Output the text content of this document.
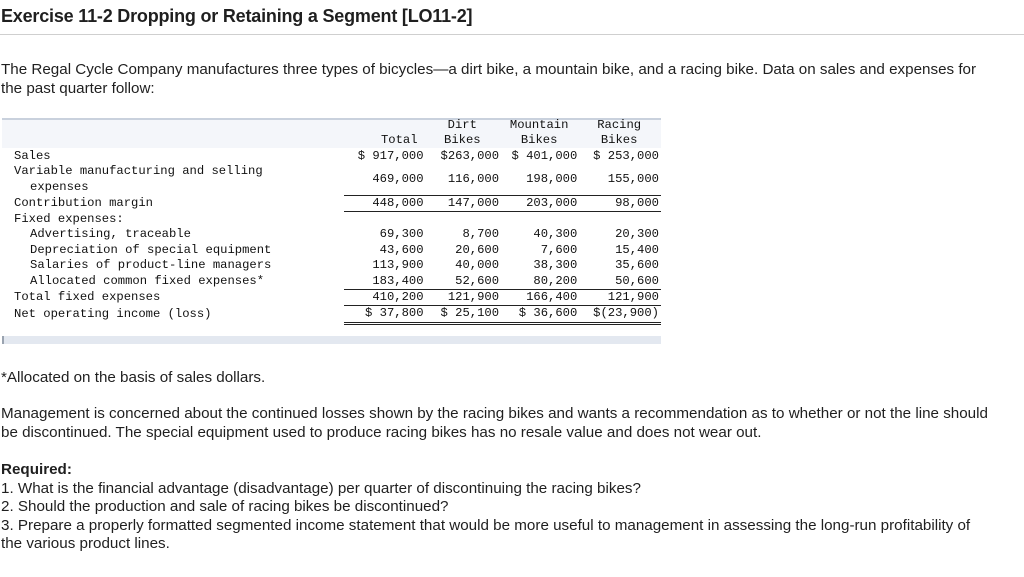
Exercise 11-2 Dropping or Retaining a Segment [LO11-2]

The Regal Cycle Company manufactures three types of bicycles—a dirt bike, a mountain bike, and a racing bike. Data on sales and expenses for the past quarter follow:

		Dirt	Mountain	Racing
	Total	Bikes	Bikes	Bikes
Sales	$ 917,000	$263,000	$ 401,000	$ 253,000

Variable manufacturing and selling
expenses	469,000	116,000	198,000	155,000
Contribution margin	448,000	147,000	203,000	98,000
Fixed expenses:				
Advertising, traceable	69,300	8,700	40,300	20,300
Depreciation of special equipment	43,600	20,600	7,600	15,400
Salaries of product-line managers	113,900	40,000	38,300	35,600
Allocated common fixed expenses*	183,400	52,600	80,200	50,600
Total fixed expenses	410,200	121,900	166,400	121,900
Net operating income (loss)	$ 37,800	$ 25,100	$ 36,600	$(23,900)

*Allocated on the basis of sales dollars.

Management is concerned about the continued losses shown by the racing bikes and wants a recommendation as to whether or not the line should be discontinued. The special equipment used to produce racing bikes has no resale value and does not wear out.

Required:
1. What is the financial advantage (disadvantage) per quarter of discontinuing the racing bikes?
2. Should the production and sale of racing bikes be discontinued?
3. Prepare a properly formatted segmented income statement that would be more useful to management in assessing the long-run profitability of the various product lines.
